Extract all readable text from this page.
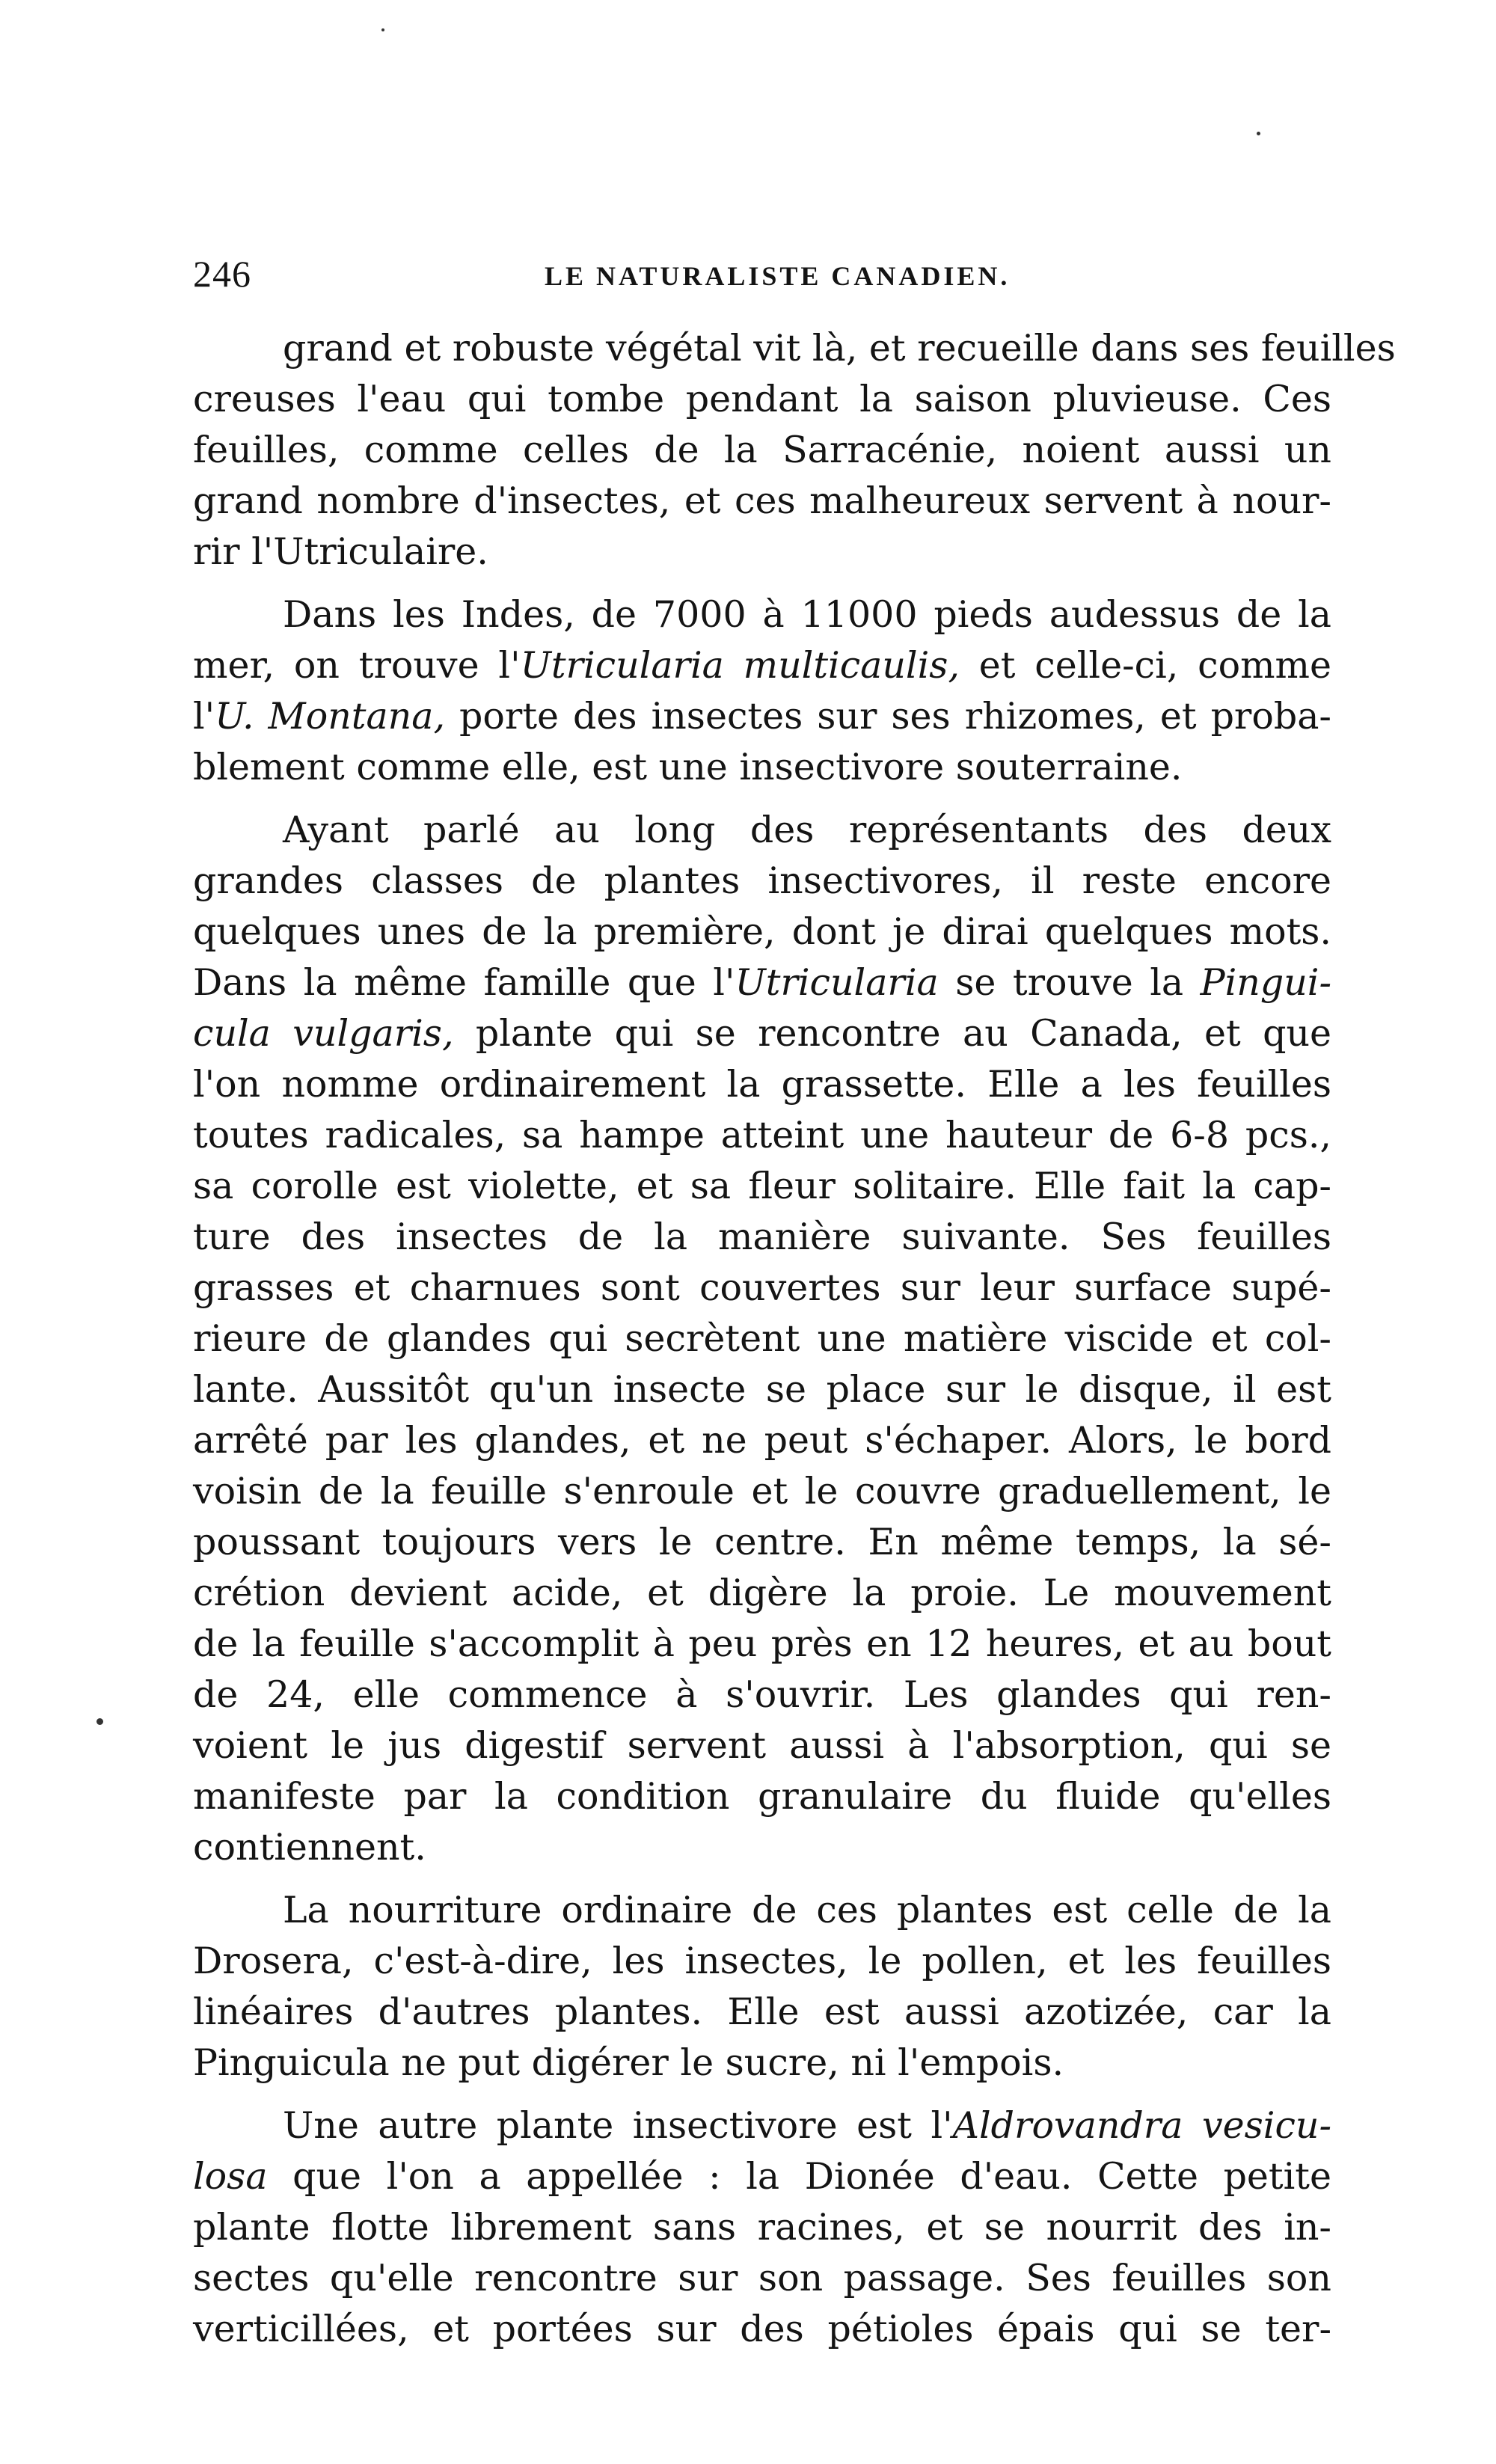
246	LE NATURALISTE CANADIEN.
grand et robuste végétal vit là, et recueille dans ses feuilles
creuses l'eau qui tombe pendant la saison pluvieuse. Ces
feuilles, comme celles de la Sarracénie, noient aussi un
grand nombre d'insectes, et ces malheureux servent à nour-
rir l'Utriculaire.
Dans les Indes, de 7000 à 11000 pieds audessus de la
mer, on trouve l'Utricularia multicaulis, et celle-ci, comme
l'U. Montana, porte des insectes sur ses rhizomes, et proba-
blement comme elle, est une insectivore souterraine.
Ayant parlé au long des représentants des deux
grandes classes de plantes insectivores, il reste encore
quelques unes de la première, dont je dirai quelques mots.
Dans la même famille que l'Utricularia se trouve la Pingui-
cula vulgaris, plante qui se rencontre au Canada, et que
l'on nomme ordinairement la grassette. Elle a les feuilles
toutes radicales, sa hampe atteint une hauteur de 6-8 pcs.,
sa corolle est violette, et sa fleur solitaire. Elle fait la cap-
ture des insectes de la manière suivante. Ses feuilles
grasses et charnues sont couvertes sur leur surface supé-
rieure de glandes qui secrètent une matière viscide et col-
lante. Aussitôt qu'un insecte se place sur le disque, il est
arrêté par les glandes, et ne peut s'échaper. Alors, le bord
voisin de la feuille s'enroule et le couvre graduellement, le
poussant toujours vers le centre. En même temps, la sé-
crétion devient acide, et digère la proie. Le mouvement
de la feuille s'accomplit à peu près en 12 heures, et au bout
de 24, elle commence à s'ouvrir. Les glandes qui ren-
voient le jus digestif servent aussi à l'absorption, qui se
manifeste par la condition granulaire du fluide qu'elles
contiennent.
La nourriture ordinaire de ces plantes est celle de la
Drosera, c'est-à-dire, les insectes, le pollen, et les feuilles
linéaires d'autres plantes. Elle est aussi azotizée, car la
Pinguicula ne put digérer le sucre, ni l'empois.
Une autre plante insectivore est l'Aldrovandra vesicu-
losa que l'on a appellée : la Dionée d'eau. Cette petite
plante flotte librement sans racines, et se nourrit des in-
sectes qu'elle rencontre sur son passage. Ses feuilles son
verticillées, et portées sur des pétioles épais qui se ter-
